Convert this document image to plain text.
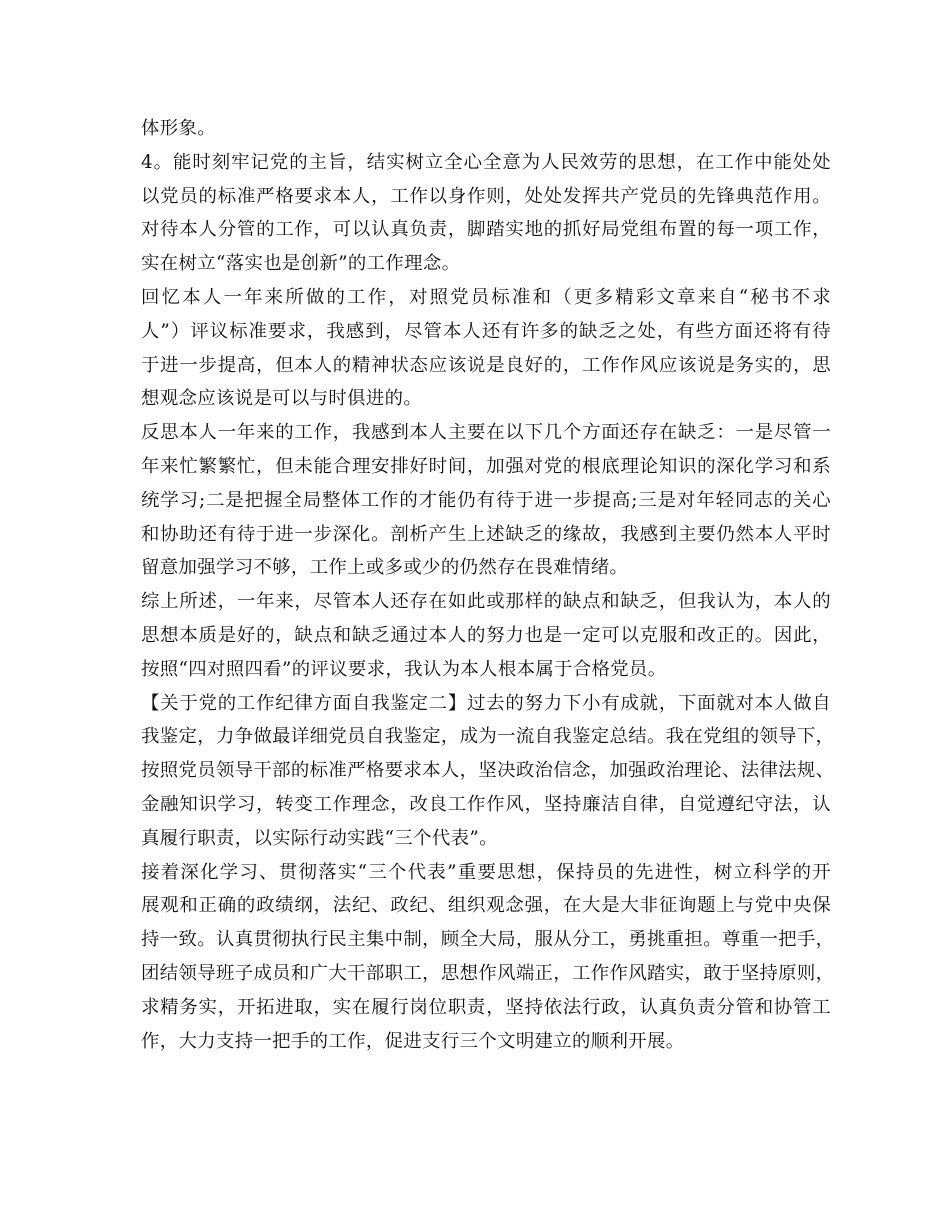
体形象。
4。能时刻牢记党的主旨，结实树立全心全意为人民效劳的思想，在工作中能处处
以党员的标准严格要求本人，工作以身作则，处处发挥共产党员的先锋典范作用。
对待本人分管的工作，可以认真负责，脚踏实地的抓好局党组布置的每一项工作，
实在树立“落实也是创新”的工作理念。
回忆本人一年来所做的工作，对照党员标准和（更多精彩文章来自“秘书不求
人”）评议标准要求，我感到，尽管本人还有许多的缺乏之处，有些方面还将有待
于进一步提高，但本人的精神状态应该说是良好的，工作作风应该说是务实的，思
想观念应该说是可以与时俱进的。
反思本人一年来的工作，我感到本人主要在以下几个方面还存在缺乏：一是尽管一
年来忙繁繁忙，但未能合理安排好时间，加强对党的根底理论知识的深化学习和系
统学习;二是把握全局整体工作的才能仍有待于进一步提高;三是对年轻同志的关心
和协助还有待于进一步深化。剖析产生上述缺乏的缘故，我感到主要仍然本人平时
留意加强学习不够，工作上或多或少的仍然存在畏难情绪。
综上所述，一年来，尽管本人还存在如此或那样的缺点和缺乏，但我认为，本人的
思想本质是好的，缺点和缺乏通过本人的努力也是一定可以克服和改正的。因此，
按照“四对照四看”的评议要求，我认为本人根本属于合格党员。
【关于党的工作纪律方面自我鉴定二】过去的努力下小有成就，下面就对本人做自
我鉴定，力争做最详细党员自我鉴定，成为一流自我鉴定总结。我在党组的领导下，
按照党员领导干部的标准严格要求本人，坚决政治信念，加强政治理论、法律法规、
金融知识学习，转变工作理念，改良工作作风，坚持廉洁自律，自觉遵纪守法，认
真履行职责，以实际行动实践“三个代表”。
接着深化学习、贯彻落实“三个代表”重要思想，保持员的先进性，树立科学的开
展观和正确的政绩纲，法纪、政纪、组织观念强，在大是大非征询题上与党中央保
持一致。认真贯彻执行民主集中制，顾全大局，服从分工，勇挑重担。尊重一把手，
团结领导班子成员和广大干部职工，思想作风端正，工作作风踏实，敢于坚持原则，
求精务实，开拓进取，实在履行岗位职责，坚持依法行政，认真负责分管和协管工
作，大力支持一把手的工作，促进支行三个文明建立的顺利开展。
